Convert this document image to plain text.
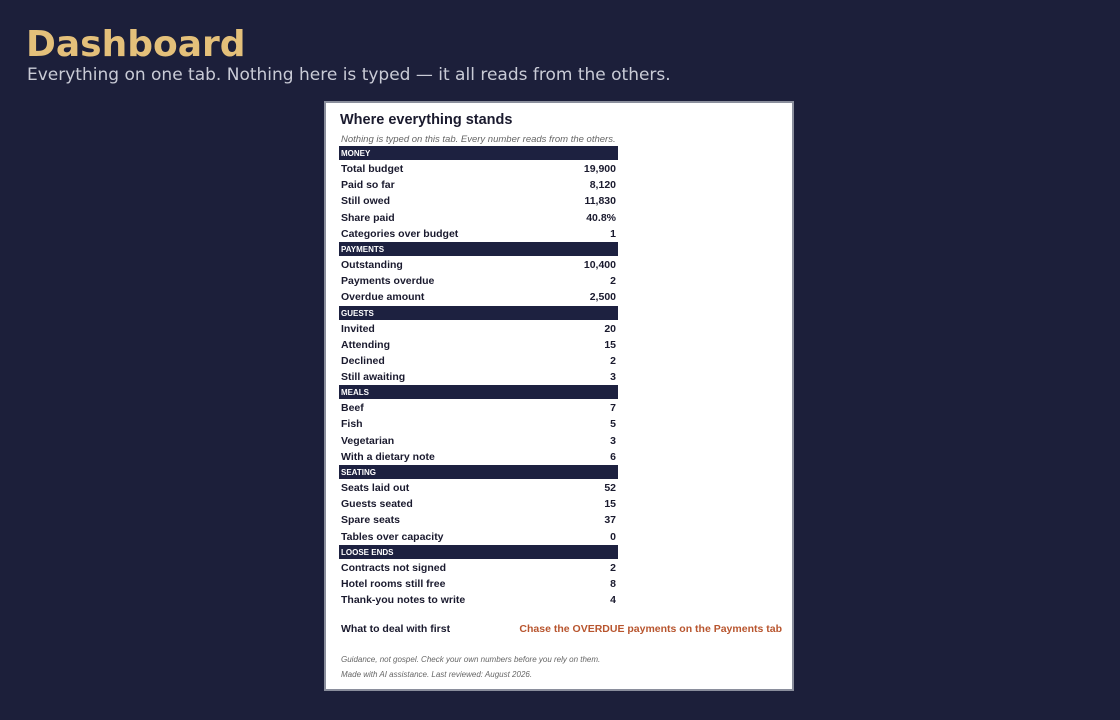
Dashboard
Everything on one tab. Nothing here is typed — it all reads from the others.
Where everything stands
Nothing is typed on this tab. Every number reads from the others.
MONEY
Total budget	19,900
Paid so far	8,120
Still owed	11,830
Share paid	40.8%
Categories over budget	1
PAYMENTS
Outstanding	10,400
Payments overdue	2
Overdue amount	2,500
GUESTS
Invited	20
Attending	15
Declined	2
Still awaiting	3
MEALS
Beef	7
Fish	5
Vegetarian	3
With a dietary note	6
SEATING
Seats laid out	52
Guests seated	15
Spare seats	37
Tables over capacity	0
LOOSE ENDS
Contracts not signed	2
Hotel rooms still free	8
Thank-you notes to write	4
What to deal with first	Chase the OVERDUE payments on the Payments tab
Guidance, not gospel. Check your own numbers before you rely on them.
Made with AI assistance. Last reviewed: August 2026.
